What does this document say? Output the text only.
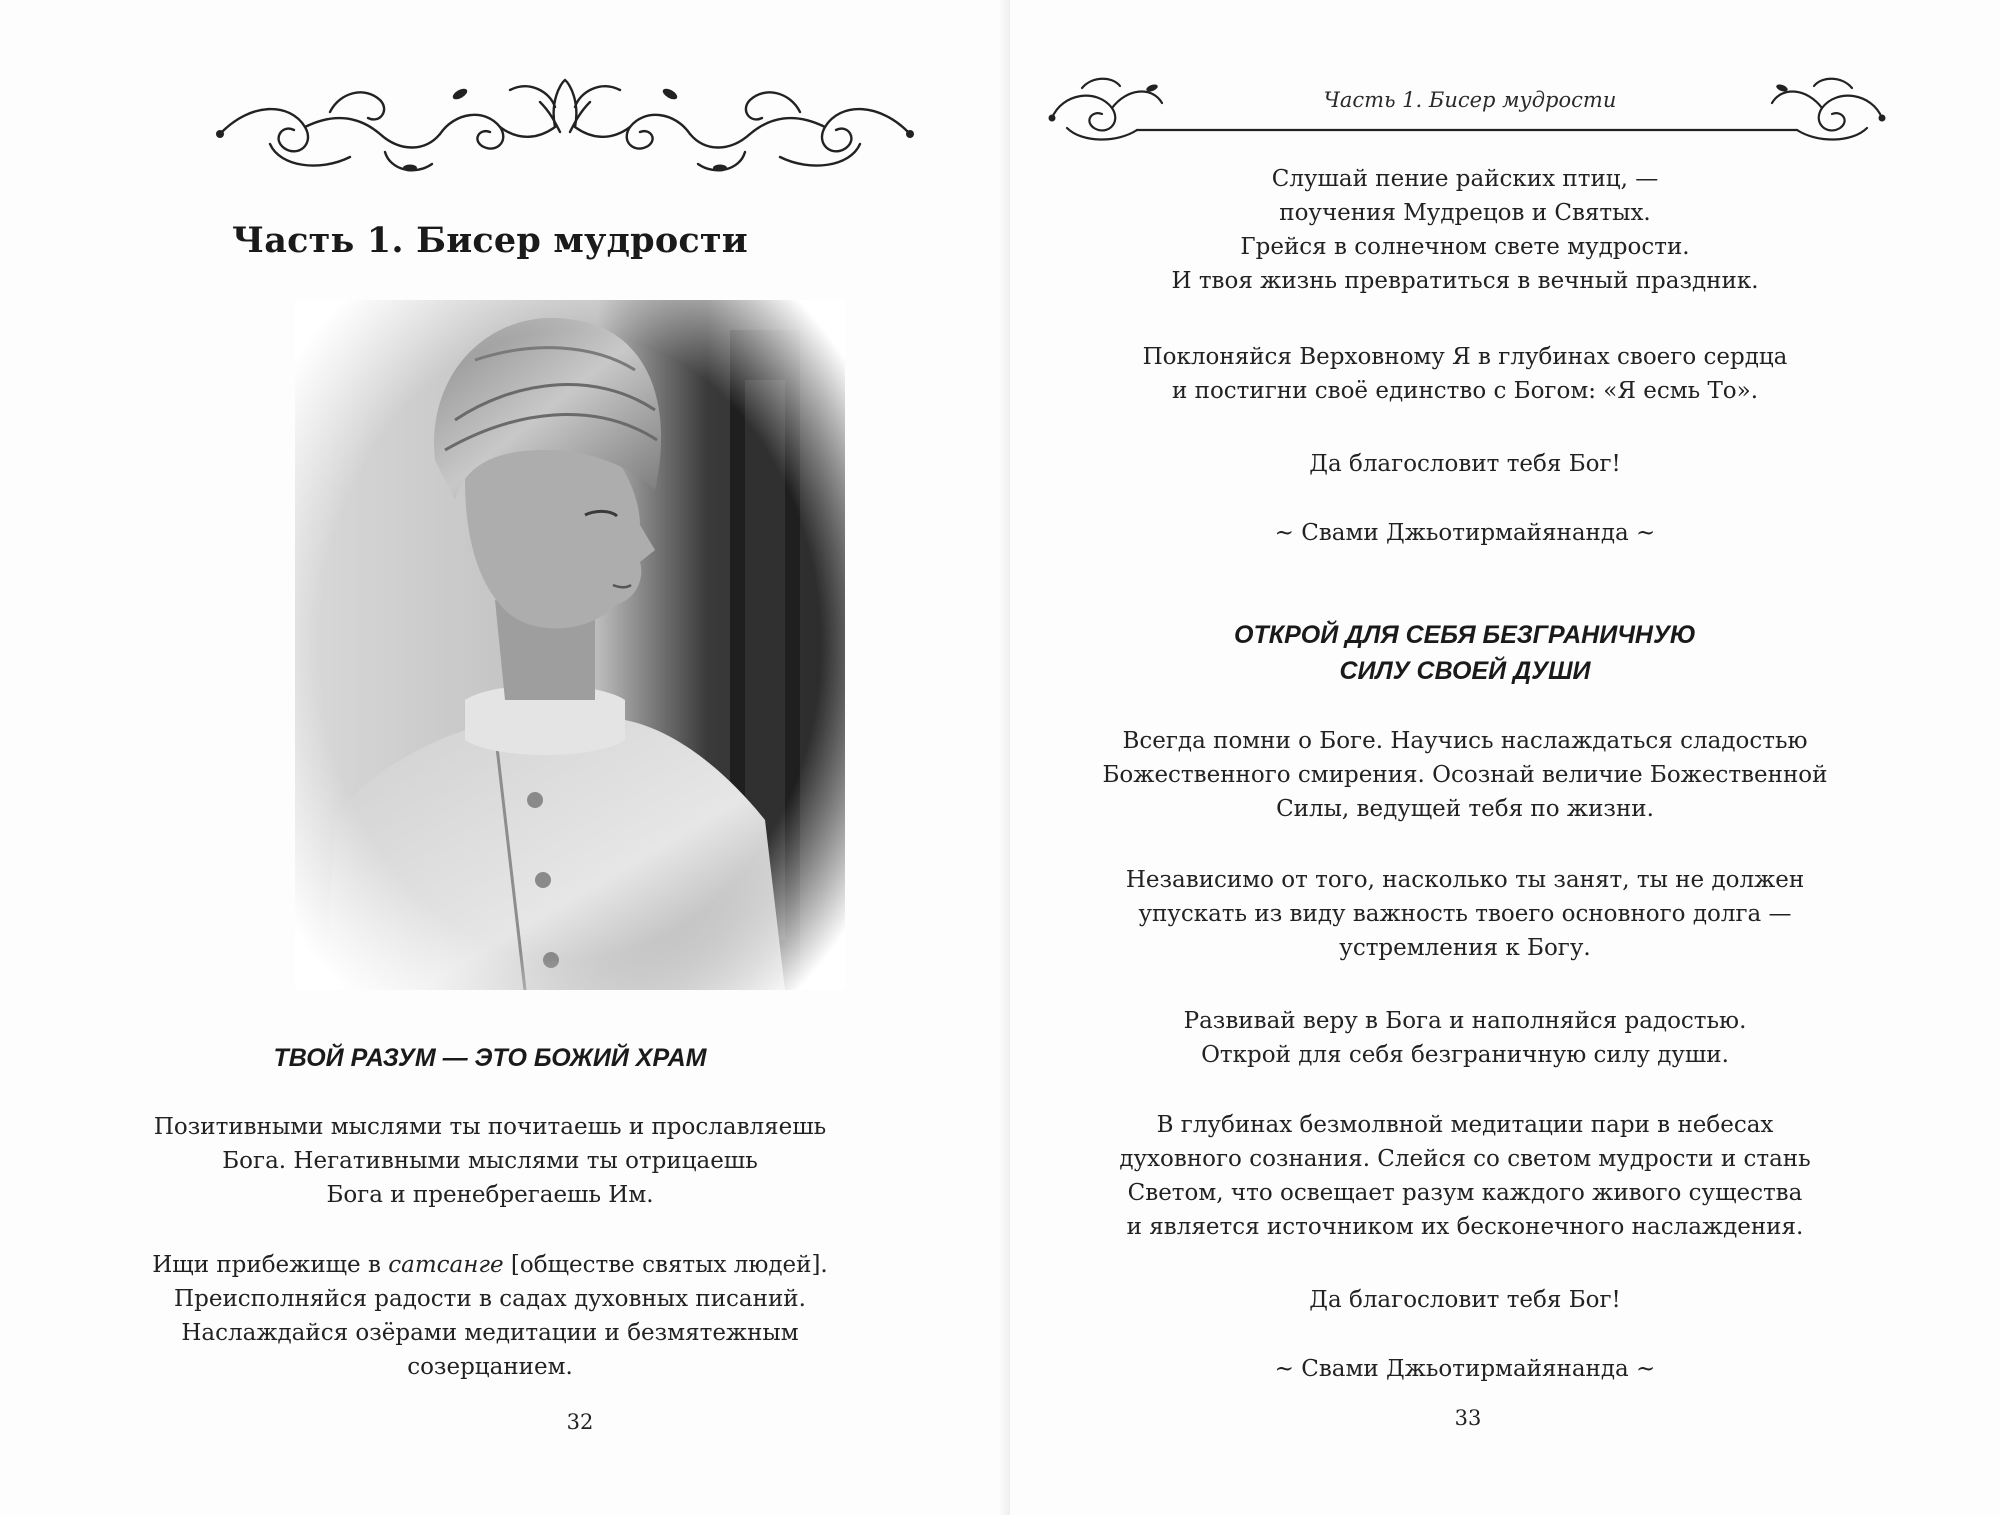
Часть 1. Бисер мудрости
ТВОЙ РАЗУМ — ЭТО БОЖИЙ ХРАМ

Позитивными мыслями ты почитаешь и прославляешь
Бога. Негативными мыслями ты отрицаешь
Бога и пренебрегаешь Им.

Ищи прибежище в сатсанге [обществе святых людей].
Преисполняйся радости в садах духовных писаний.
Наслаждайся озёрами медитации и безмятежным
созерцанием.

32
Часть 1. Бисер мудрости

Слушай пение райских птиц, —
поучения Мудрецов и Святых.
Грейся в солнечном свете мудрости.
И твоя жизнь превратиться в вечный праздник.

Поклоняйся Верховному Я в глубинах своего сердца
и постигни своё единство с Богом: «Я есмь То».

Да благословит тебя Бог!

~ Свами Джьотирмайянанда ~

ОТКРОЙ ДЛЯ СЕБЯ БЕЗГРАНИЧНУЮ
СИЛУ СВОЕЙ ДУШИ

Всегда помни о Боге. Научись наслаждаться сладостью
Божественного смирения. Осознай величие Божественной
Силы, ведущей тебя по жизни.

Независимо от того, насколько ты занят, ты не должен
упускать из виду важность твоего основного долга —
устремления к Богу.

Развивай веру в Бога и наполняйся радостью.
Открой для себя безграничную силу души.

В глубинах безмолвной медитации пари в небесах
духовного сознания. Слейся со светом мудрости и стань
Светом, что освещает разум каждого живого существа
и является источником их бесконечного наслаждения.

Да благословит тебя Бог!

~ Свами Джьотирмайянанда ~

33
